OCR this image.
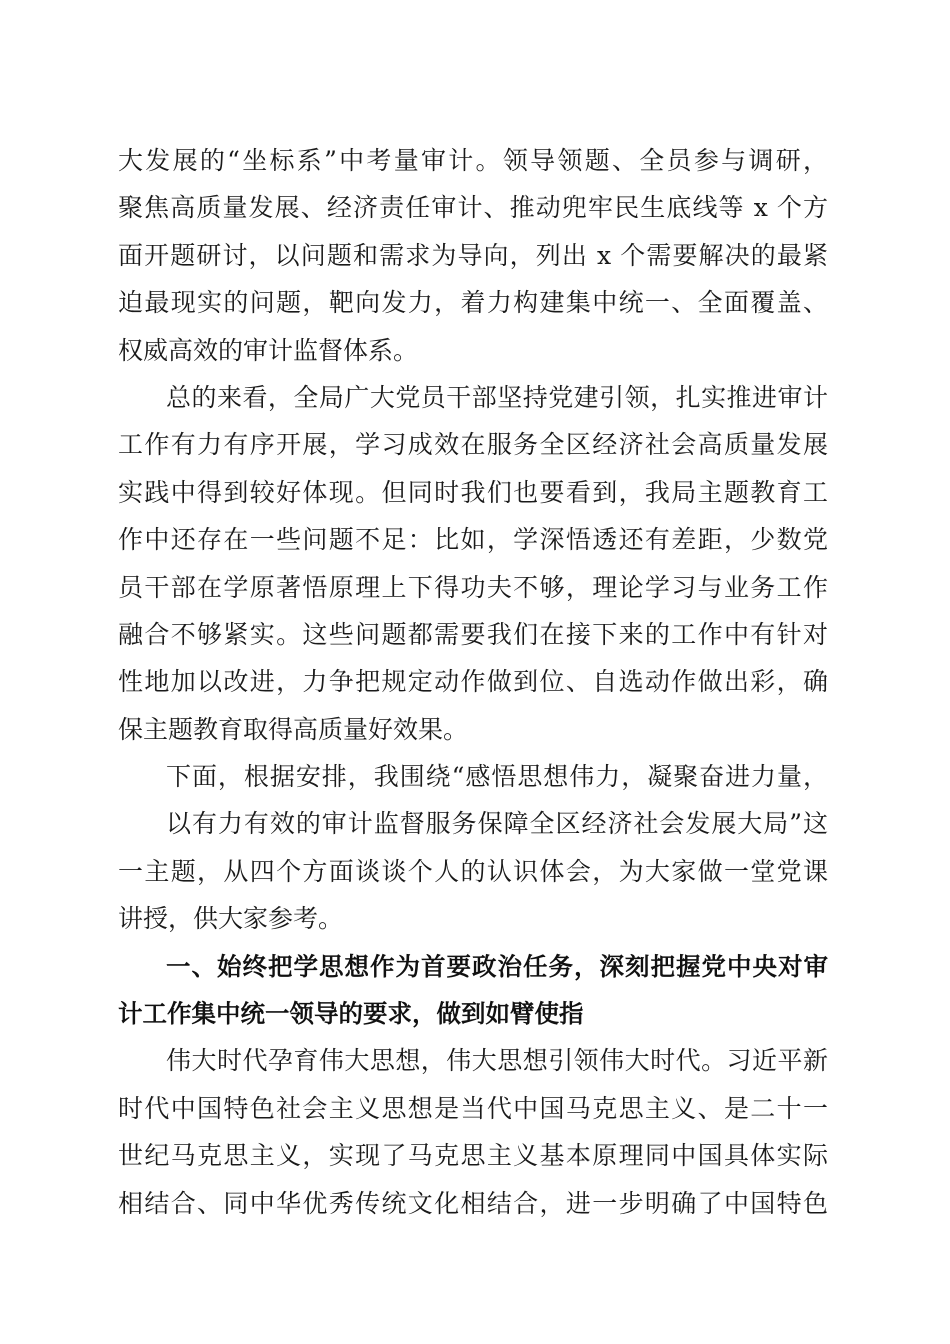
大发展的“坐标系”中考量审计。领导领题、全员参与调研，
聚焦高质量发展、经济责任审计、推动兜牢民生底线等 x 个方
面开题研讨，以问题和需求为导向，列出 x 个需要解决的最紧
迫最现实的问题，靶向发力，着力构建集中统一、全面覆盖、
权威高效的审计监督体系。
总的来看，全局广大党员干部坚持党建引领，扎实推进审计
工作有力有序开展，学习成效在服务全区经济社会高质量发展
实践中得到较好体现。但同时我们也要看到，我局主题教育工
作中还存在一些问题不足：比如，学深悟透还有差距，少数党
员干部在学原著悟原理上下得功夫不够，理论学习与业务工作
融合不够紧实。这些问题都需要我们在接下来的工作中有针对
性地加以改进，力争把规定动作做到位、自选动作做出彩，确
保主题教育取得高质量好效果。
下面，根据安排，我围绕“感悟思想伟力，凝聚奋进力量，
以有力有效的审计监督服务保障全区经济社会发展大局”这
一主题，从四个方面谈谈个人的认识体会，为大家做一堂党课
讲授，供大家参考。
一、始终把学思想作为首要政治任务，深刻把握党中央对审
计工作集中统一领导的要求，做到如臂使指
伟大时代孕育伟大思想，伟大思想引领伟大时代。习近平新
时代中国特色社会主义思想是当代中国马克思主义、是二十一
世纪马克思主义，实现了马克思主义基本原理同中国具体实际
相结合、同中华优秀传统文化相结合，进一步明确了中国特色
